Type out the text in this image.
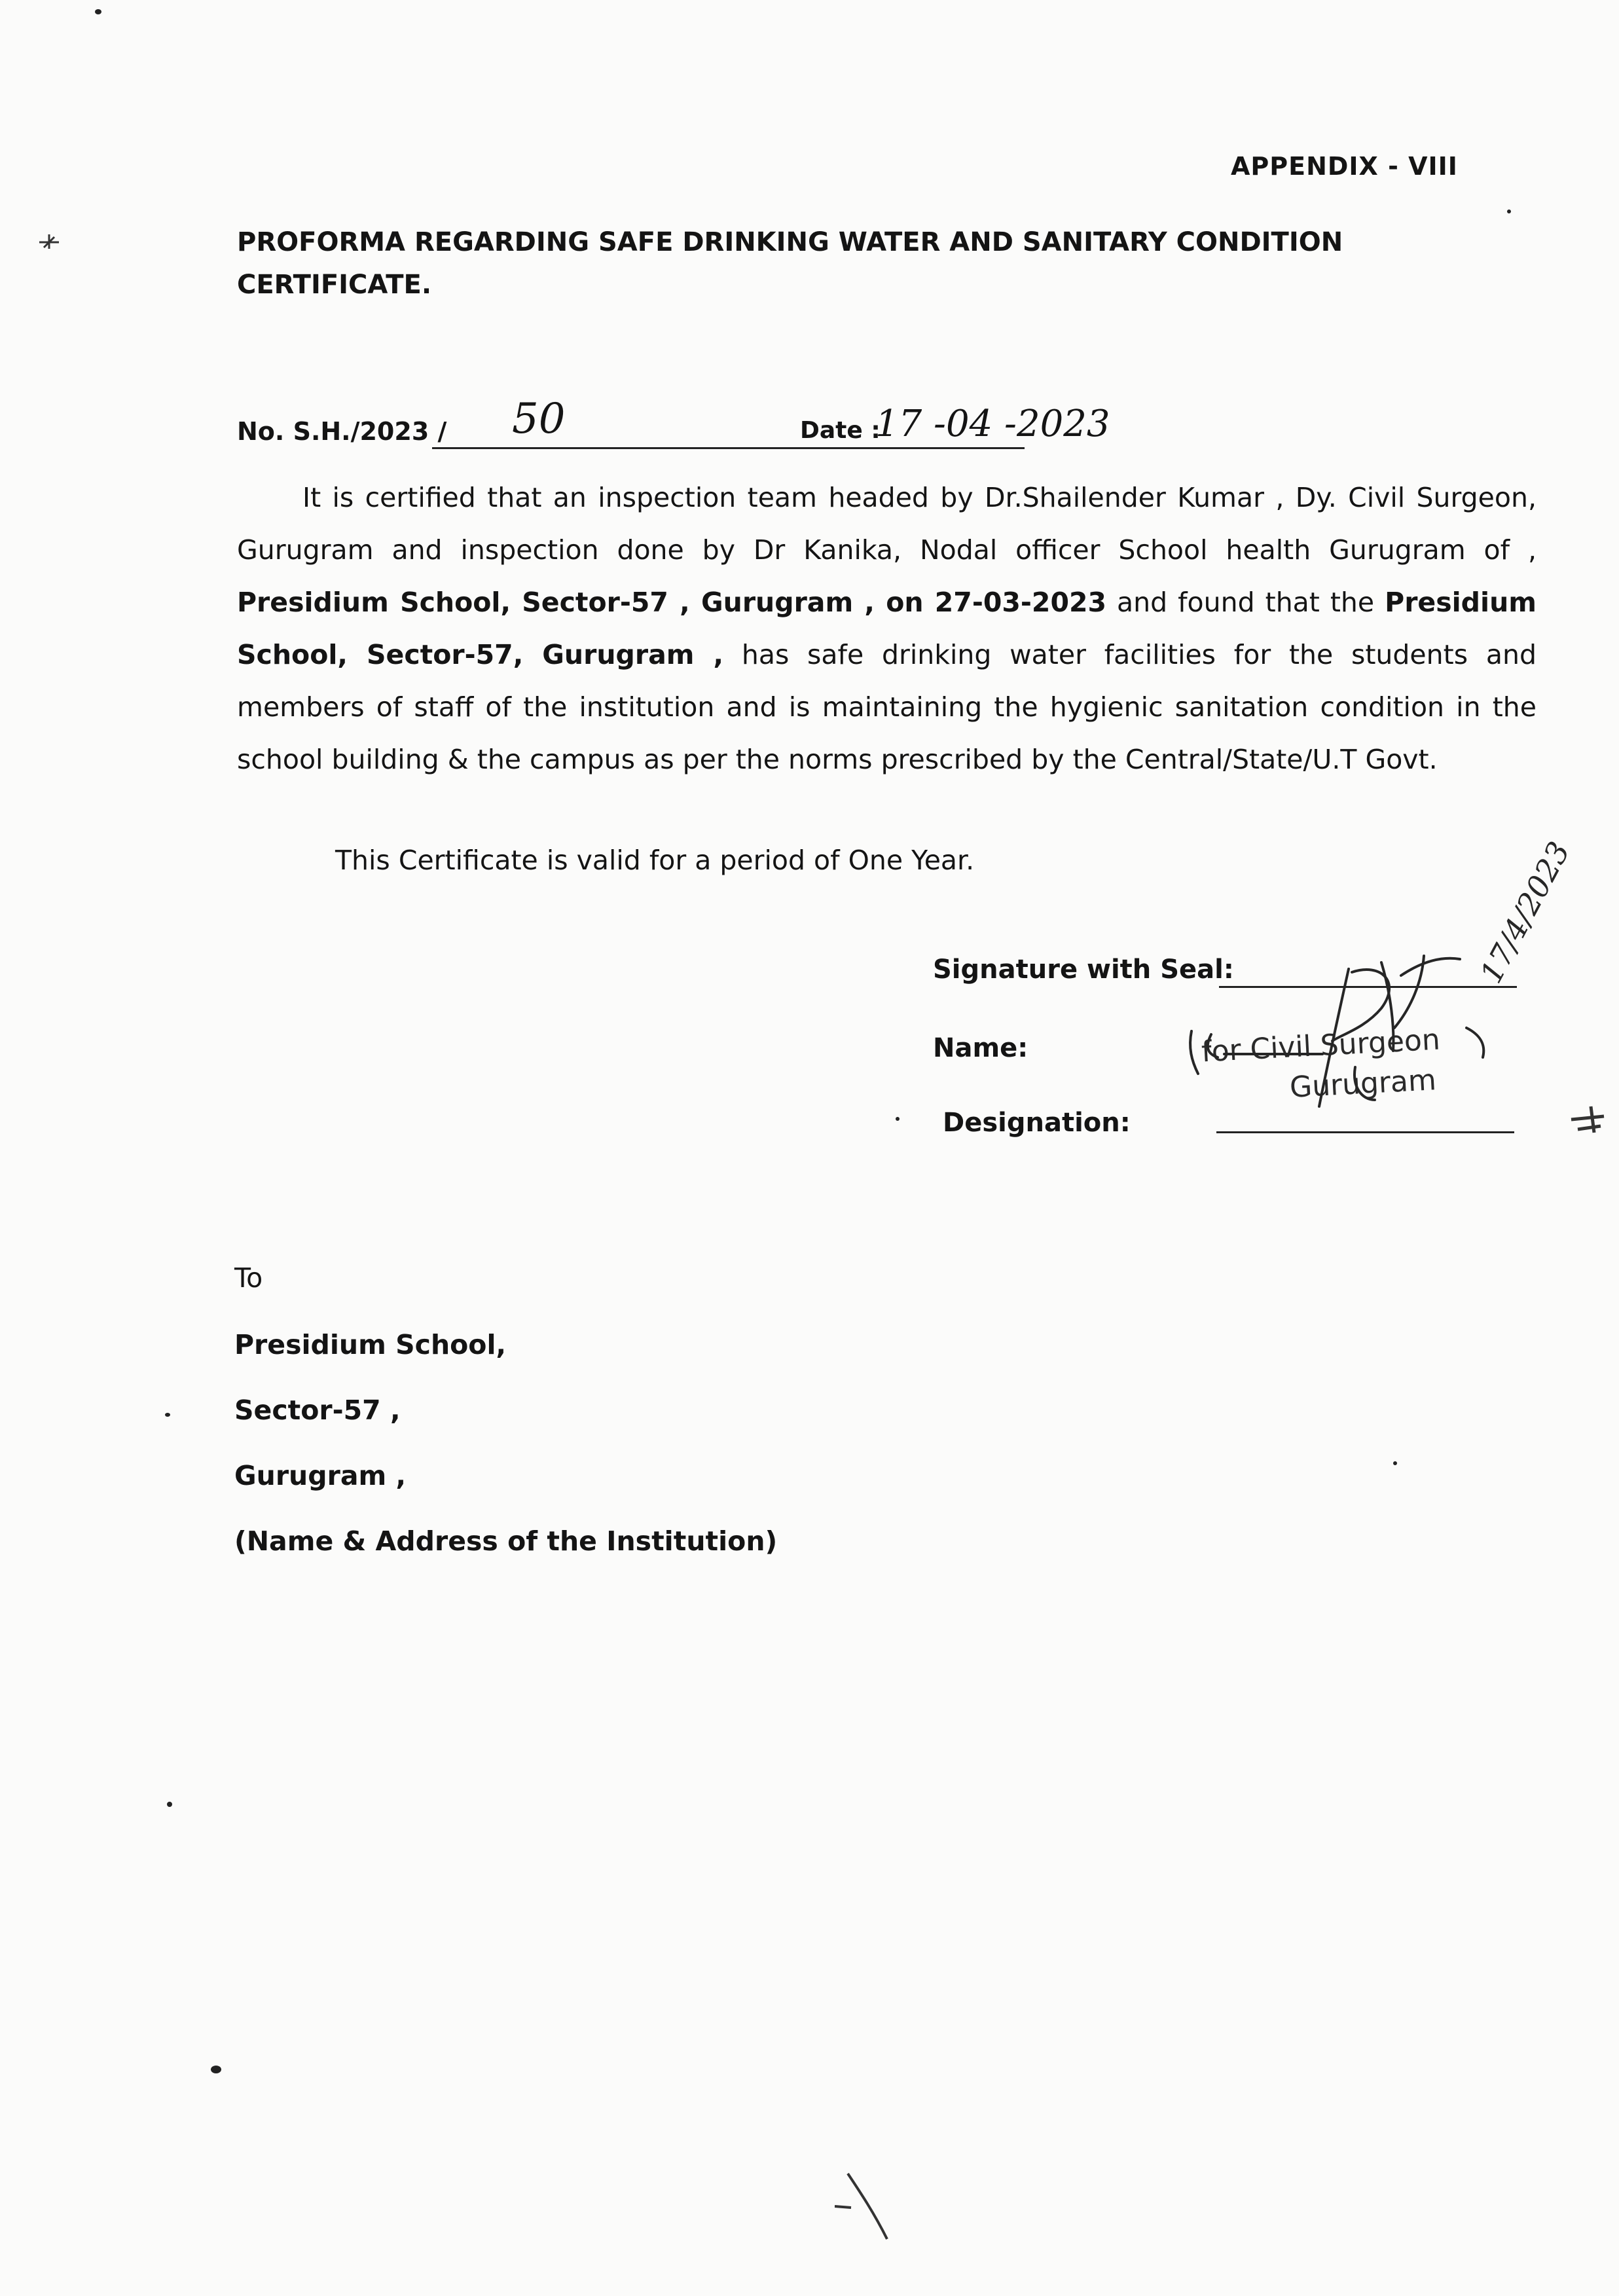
APPENDIX - VIII
PROFORMA REGARDING SAFE DRINKING WATER AND SANITARY CONDITION
CERTIFICATE.
No. S.H./2023 / 50	Date :
17 -04 -2023
It is certified that an inspection team headed by Dr.Shailender Kumar , Dy. Civil Surgeon, Gurugram and inspection done by Dr Kanika, Nodal officer School health Gurugram of , Presidium School, Sector-57 , Gurugram , on 27-03-2023 and found that the Presidium School, Sector-57, Gurugram , has safe drinking water facilities for the students and members of staff of the institution and is maintaining the hygienic sanitation condition in the school building & the campus as per the norms prescribed by the Central/State/U.T Govt.
This Certificate is valid for a period of One Year.
Signature with Seal:
Name:
Designation:
for Civil Surgeon
Gurugram
17/4/2023
To
Presidium School,
Sector-57 ,
Gurugram ,
(Name & Address of the Institution)
